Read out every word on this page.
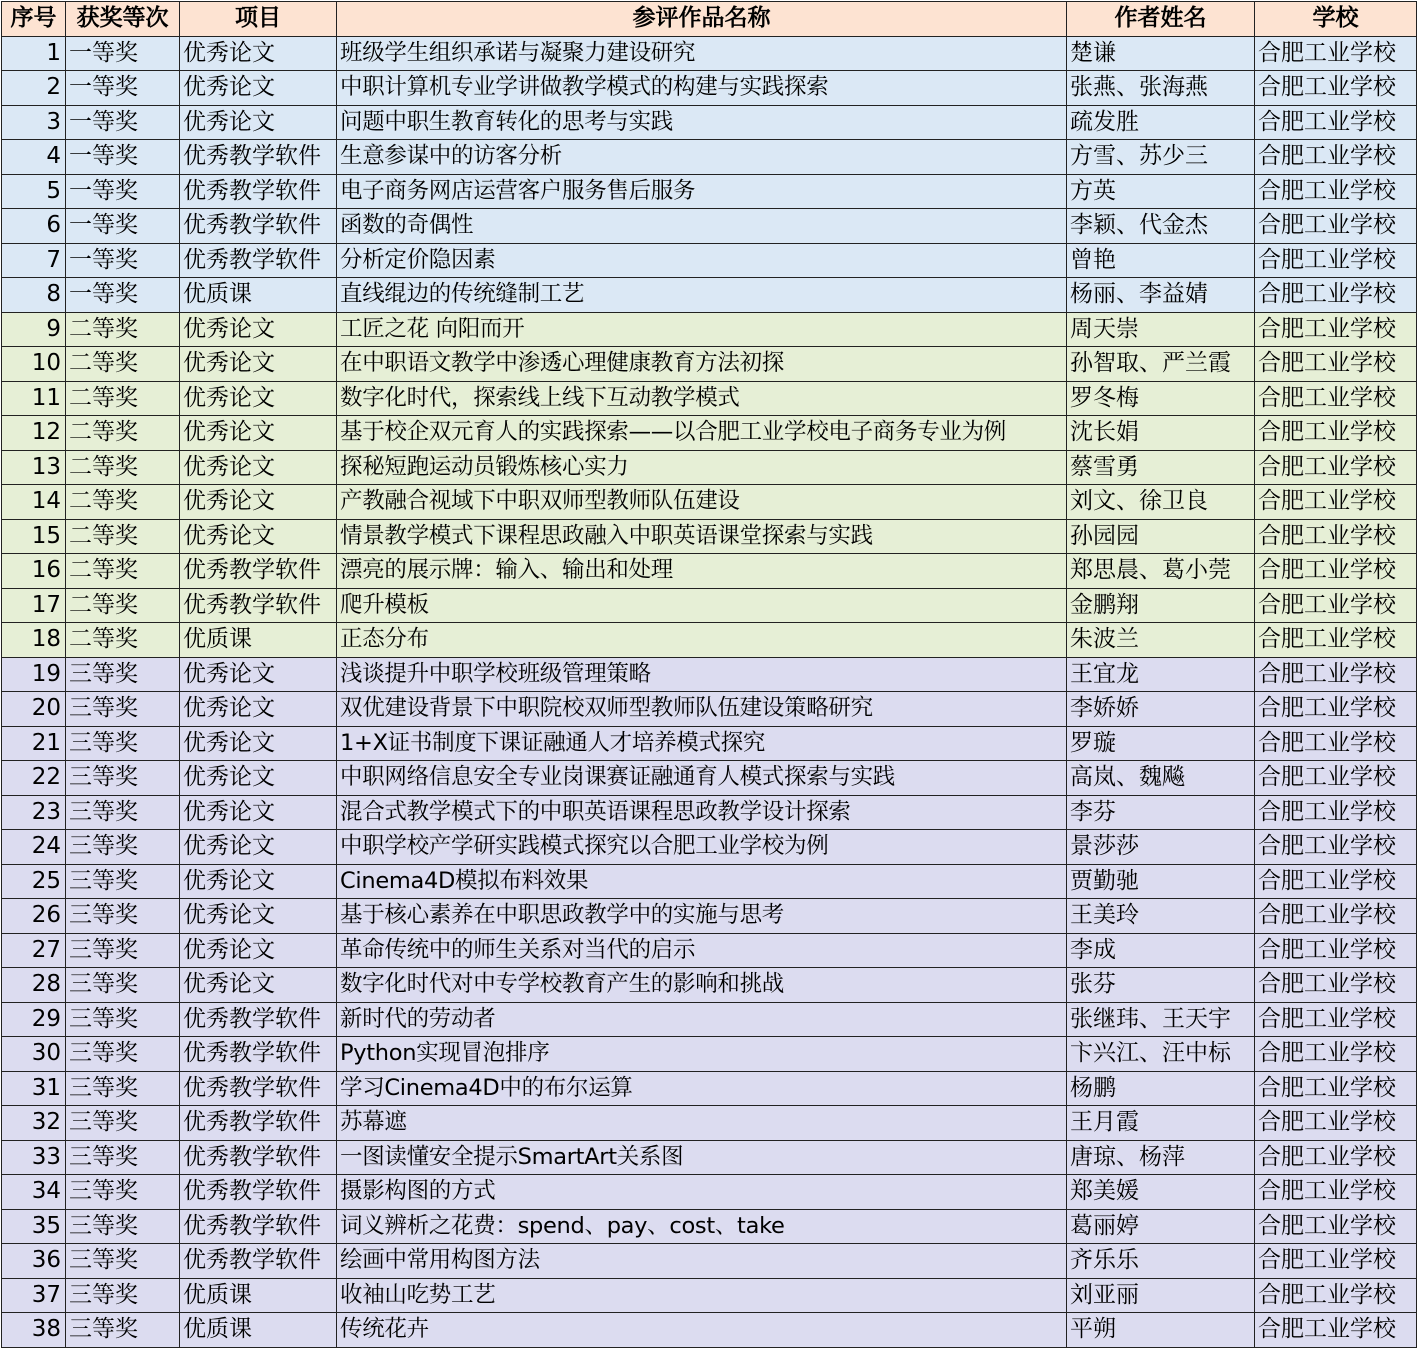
序号	获奖等次	项目	参评作品名称	作者姓名	学校
1	一等奖	优秀论文	班级学生组织承诺与凝聚力建设研究	楚谦	合肥工业学校
2	一等奖	优秀论文	中职计算机专业学讲做教学模式的构建与实践探索	张燕、张海燕	合肥工业学校
3	一等奖	优秀论文	问题中职生教育转化的思考与实践	疏发胜	合肥工业学校
4	一等奖	优秀教学软件	生意参谋中的访客分析	方雪、苏少三	合肥工业学校
5	一等奖	优秀教学软件	电子商务网店运营客户服务售后服务	方英	合肥工业学校
6	一等奖	优秀教学软件	函数的奇偶性	李颖、代金杰	合肥工业学校
7	一等奖	优秀教学软件	分析定价隐因素	曾艳	合肥工业学校
8	一等奖	优质课	直线绲边的传统缝制工艺	杨丽、李益婧	合肥工业学校
9	二等奖	优秀论文	工匠之花 向阳而开	周天崇	合肥工业学校
10	二等奖	优秀论文	在中职语文教学中渗透心理健康教育方法初探	孙智取、严兰霞	合肥工业学校
11	二等奖	优秀论文	数字化时代，探索线上线下互动教学模式	罗冬梅	合肥工业学校
12	二等奖	优秀论文	基于校企双元育人的实践探索——以合肥工业学校电子商务专业为例	沈长娟	合肥工业学校
13	二等奖	优秀论文	探秘短跑运动员锻炼核心实力	蔡雪勇	合肥工业学校
14	二等奖	优秀论文	产教融合视域下中职双师型教师队伍建设	刘文、徐卫良	合肥工业学校
15	二等奖	优秀论文	情景教学模式下课程思政融入中职英语课堂探索与实践	孙园园	合肥工业学校
16	二等奖	优秀教学软件	漂亮的展示牌：输入、输出和处理	郑思晨、葛小莞	合肥工业学校
17	二等奖	优秀教学软件	爬升模板	金鹏翔	合肥工业学校
18	二等奖	优质课	正态分布	朱波兰	合肥工业学校
19	三等奖	优秀论文	浅谈提升中职学校班级管理策略	王宜龙	合肥工业学校
20	三等奖	优秀论文	双优建设背景下中职院校双师型教师队伍建设策略研究	李娇娇	合肥工业学校
21	三等奖	优秀论文	1+X证书制度下课证融通人才培养模式探究	罗璇	合肥工业学校
22	三等奖	优秀论文	中职网络信息安全专业岗课赛证融通育人模式探索与实践	高岚、魏飚	合肥工业学校
23	三等奖	优秀论文	混合式教学模式下的中职英语课程思政教学设计探索	李芬	合肥工业学校
24	三等奖	优秀论文	中职学校产学研实践模式探究以合肥工业学校为例	景莎莎	合肥工业学校
25	三等奖	优秀论文	Cinema4D模拟布料效果	贾勤驰	合肥工业学校
26	三等奖	优秀论文	基于核心素养在中职思政教学中的实施与思考	王美玲	合肥工业学校
27	三等奖	优秀论文	革命传统中的师生关系对当代的启示	李成	合肥工业学校
28	三等奖	优秀论文	数字化时代对中专学校教育产生的影响和挑战	张芬	合肥工业学校
29	三等奖	优秀教学软件	新时代的劳动者	张继玮、王天宇	合肥工业学校
30	三等奖	优秀教学软件	Python实现冒泡排序	卞兴江、汪中标	合肥工业学校
31	三等奖	优秀教学软件	学习Cinema4D中的布尔运算	杨鹏	合肥工业学校
32	三等奖	优秀教学软件	苏幕遮	王月霞	合肥工业学校
33	三等奖	优秀教学软件	一图读懂安全提示SmartArt关系图	唐琼、杨萍	合肥工业学校
34	三等奖	优秀教学软件	摄影构图的方式	郑美媛	合肥工业学校
35	三等奖	优秀教学软件	词义辨析之花费：spend、pay、cost、take	葛丽婷	合肥工业学校
36	三等奖	优秀教学软件	绘画中常用构图方法	齐乐乐	合肥工业学校
37	三等奖	优质课	收袖山吃势工艺	刘亚丽	合肥工业学校
38	三等奖	优质课	传统花卉	平朔	合肥工业学校
